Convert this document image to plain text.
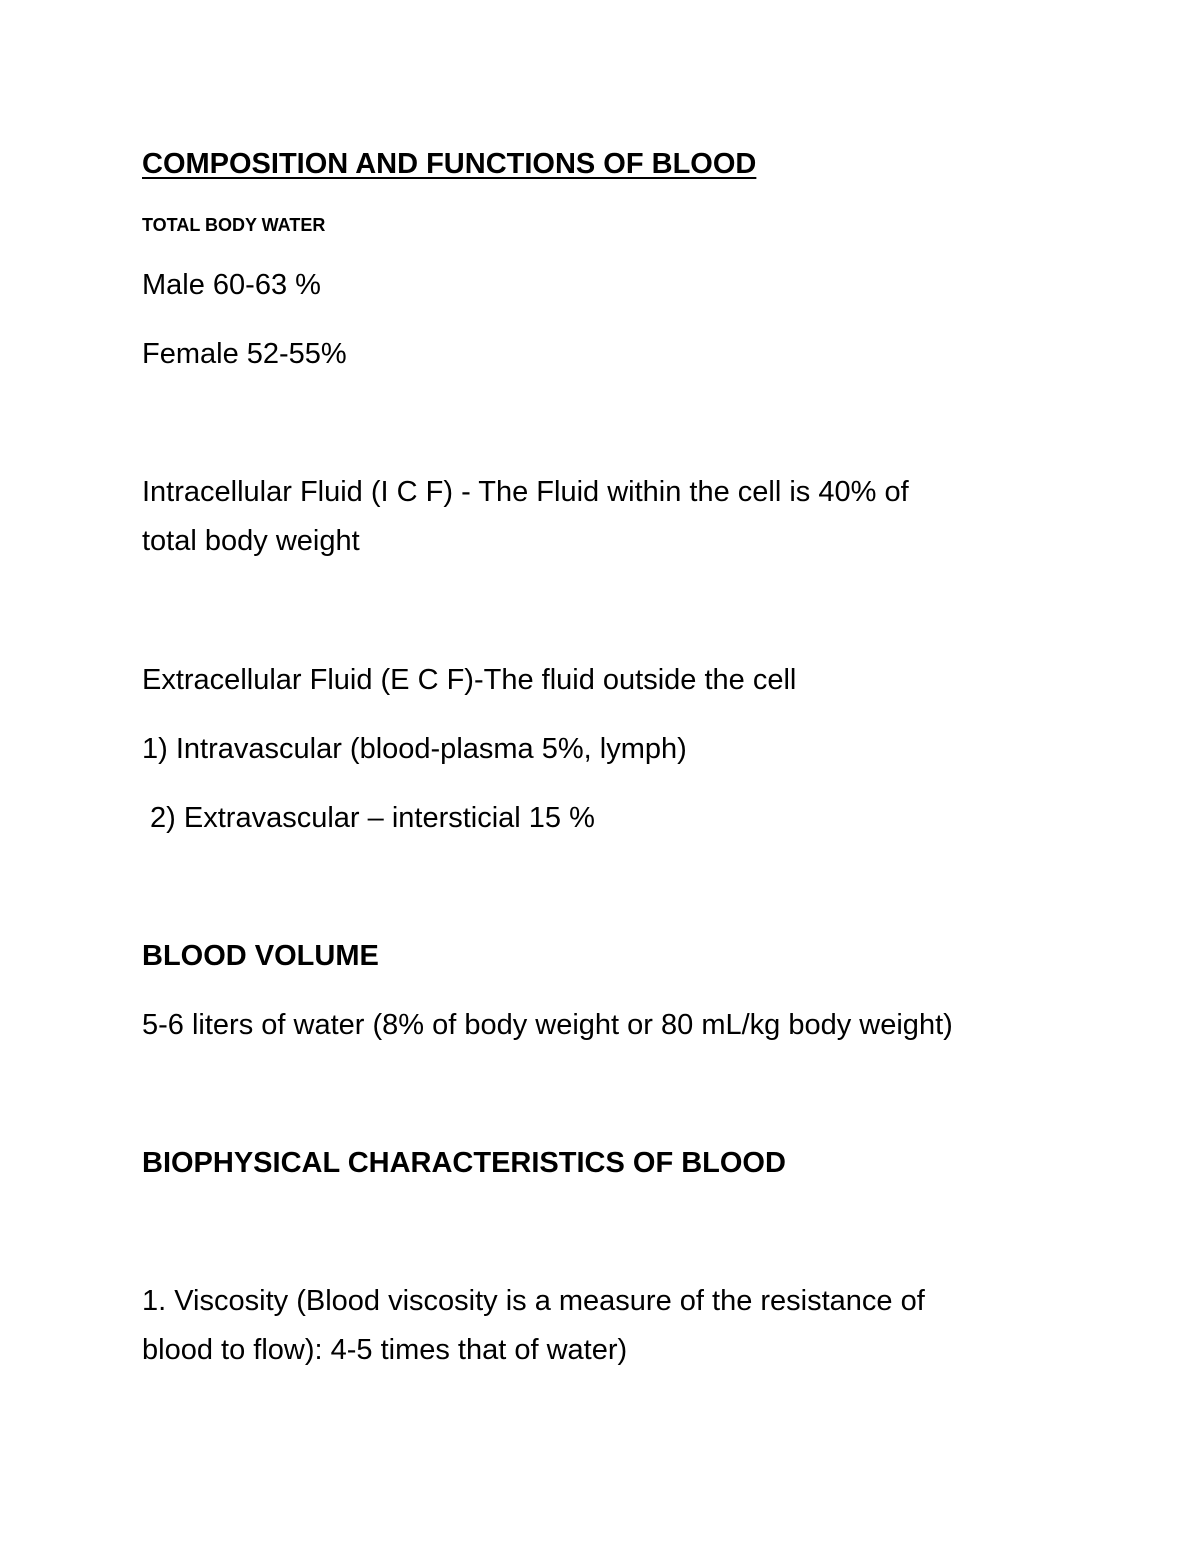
COMPOSITION AND FUNCTIONS OF BLOOD
TOTAL BODY WATER
Male 60-63 %
Female 52-55%
Intracellular Fluid (I C F) - The Fluid within the cell is 40% of
total body weight
Extracellular Fluid (E C F)-The fluid outside the cell
1) Intravascular (blood-plasma 5%, lymph)
2) Extravascular – intersticial 15 %
BLOOD VOLUME
5-6 liters of water (8% of body weight or 80 mL/kg body weight)
BIOPHYSICAL CHARACTERISTICS OF BLOOD
1. Viscosity (Blood viscosity is a measure of the resistance of
blood to flow): 4-5 times that of water)
